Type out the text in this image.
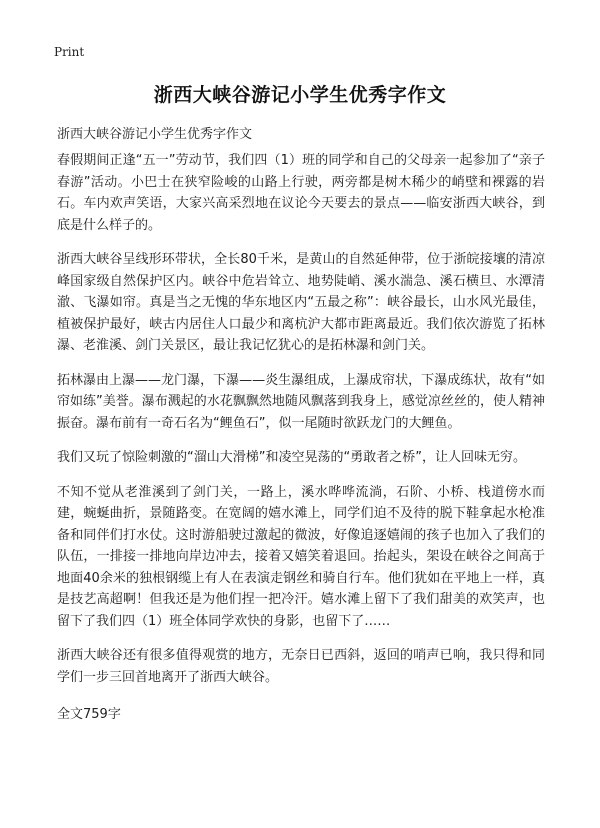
Print
浙西大峡谷游记小学生优秀字作文
浙西大峡谷游记小学生优秀字作文

春假期间正逢“五一”劳动节，我们四（1）班的同学和自己的父母亲一起参加了“亲子春游”活动。小巴士在狭窄险峻的山路上行驶，两旁都是树木稀少的峭壁和裸露的岩石。车内欢声笑语，大家兴高采烈地在议论今天要去的景点——临安浙西大峡谷，到底是什么样子的。

浙西大峡谷呈线形环带状，全长80千米，是黄山的自然延伸带，位于浙皖接壤的清凉峰国家级自然保护区内。峡谷中危岩耸立、地势陡峭、溪水湍急、溪石横旦、水潭清澈、飞瀑如帘。真是当之无愧的华东地区内“五最之称”：峡谷最长，山水风光最佳，植被保护最好，峡古内居住人口最少和离杭沪大都市距离最近。我们依次游览了拓林瀑、老淮溪、剑门关景区，最让我记忆犹心的是拓林瀑和剑门关。

拓林瀑由上瀑——龙门瀑，下瀑——炎生瀑组成，上瀑成帘状，下瀑成练状，故有“如帘如练”美誉。瀑布溅起的水花飘飘然地随风飘落到我身上，感觉凉丝丝的，使人精神振奋。瀑布前有一奇石名为“鲤鱼石”，似一尾随时欲跃龙门的大鲤鱼。

我们又玩了惊险刺激的“溜山大滑梯”和凌空晃荡的“勇敢者之桥”，让人回味无穷。

不知不觉从老淮溪到了剑门关，一路上，溪水哗哗流淌，石阶、小桥、栈道傍水而建，蜿蜒曲折，景随路变。在宽阔的嬉水滩上，同学们迫不及待的脱下鞋拿起水枪准备和同伴们打水仗。这时游船驶过激起的微波，好像追逐嬉闹的孩子也加入了我们的队伍，一排接一排地向岸边冲去，接着又嬉笑着退回。抬起头，架设在峡谷之间高于地面40余米的独根钢缆上有人在表演走钢丝和骑自行车。他们犹如在平地上一样，真是技艺高超啊！但我还是为他们捏一把冷汗。嬉水滩上留下了我们甜美的欢笑声，也留下了我们四（1）班全体同学欢快的身影，也留下了……

浙西大峡谷还有很多值得观赏的地方，无奈日已西斜，返回的哨声已响，我只得和同学们一步三回首地离开了浙西大峡谷。

全文759字
